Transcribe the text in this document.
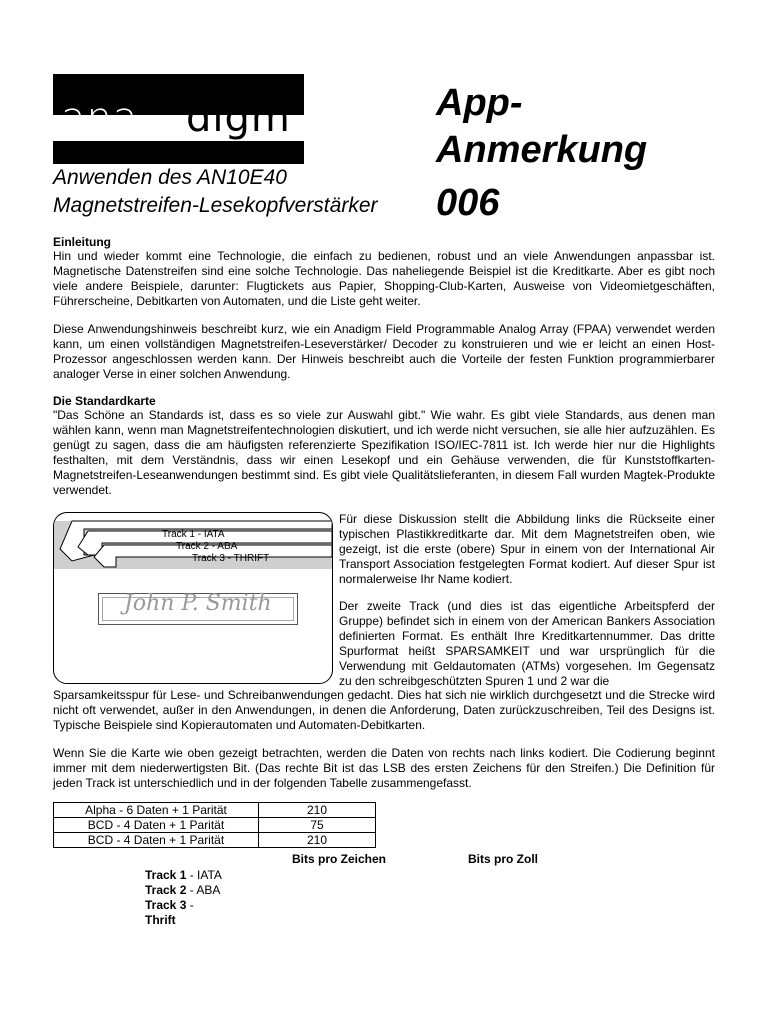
ana digm	App-
Anmerkung
006
Anwenden des AN10E40
Magnetstreifen-Lesekopfverstärker
Einleitung
Hin und wieder kommt eine Technologie, die einfach zu bedienen, robust und an viele Anwendungen anpassbar ist. Magnetische Datenstreifen sind eine solche Technologie. Das naheliegende Beispiel ist die Kreditkarte. Aber es gibt noch viele andere Beispiele, darunter: Flugtickets aus Papier, Shopping-Club-Karten, Ausweise von Videomietgeschäften, Führerscheine, Debitkarten von Automaten, und die Liste geht weiter.
Diese Anwendungshinweis beschreibt kurz, wie ein Anadigm Field Programmable Analog Array (FPAA) verwendet werden kann, um einen vollständigen Magnetstreifen-Leseverstärker/ Decoder zu konstruieren und wie er leicht an einen Host-Prozessor angeschlossen werden kann. Der Hinweis beschreibt auch die Vorteile der festen Funktion programmierbarer analoger Verse in einer solchen Anwendung.
Die Standardkarte
"Das Schöne an Standards ist, dass es so viele zur Auswahl gibt." Wie wahr. Es gibt viele Standards, aus denen man wählen kann, wenn man Magnetstreifentechnologien diskutiert, und ich werde nicht versuchen, sie alle hier aufzuzählen. Es genügt zu sagen, dass die am häufigsten referenzierte Spezifikation ISO/IEC-7811 ist. Ich werde hier nur die Highlights festhalten, mit dem Verständnis, dass wir einen Lesekopf und ein Gehäuse verwenden, die für Kunststoffkarten-Magnetstreifen-Leseanwendungen bestimmt sind. Es gibt viele Qualitätslieferanten, in diesem Fall wurden Magtek-Produkte verwendet.
Track 1 - IATA
Track 2 - ABA
Track 3 - THRIFT
John P. Smith
Für diese Diskussion stellt die Abbildung links die Rückseite einer typischen Plastikkreditkarte dar. Mit dem Magnetstreifen oben, wie gezeigt, ist die erste (obere) Spur in einem von der International Air Transport Association festgelegten Format kodiert. Auf dieser Spur ist normalerweise Ihr Name kodiert.
Der zweite Track (und dies ist das eigentliche Arbeitspferd der Gruppe) befindet sich in einem von der American Bankers Association definierten Format. Es enthält Ihre Kreditkartennummer. Das dritte Spurformat heißt SPARSAMKEIT und war ursprünglich für die Verwendung mit Geldautomaten (ATMs) vorgesehen. Im Gegensatz zu den schreibgeschützten Spuren 1 und 2 war die
Sparsamkeitsspur für Lese- und Schreibanwendungen gedacht. Dies hat sich nie wirklich durchgesetzt und die Strecke wird nicht oft verwendet, außer in den Anwendungen, in denen die Anforderung, Daten zurückzuschreiben, Teil des Designs ist. Typische Beispiele sind Kopierautomaten und Automaten-Debitkarten.
Wenn Sie die Karte wie oben gezeigt betrachten, werden die Daten von rechts nach links kodiert. Die Codierung beginnt immer mit dem niederwertigsten Bit. (Das rechte Bit ist das LSB des ersten Zeichens für den Streifen.) Die Definition für jeden Track ist unterschiedlich und in der folgenden Tabelle zusammengefasst.
Alpha - 6 Daten + 1 Parität	210
BCD - 4 Daten + 1 Parität	75
BCD - 4 Daten + 1 Parität	210
Bits pro Zeichen	Bits pro Zoll
Track 1 - IATA
Track 2 - ABA
Track 3 -
Thrift
